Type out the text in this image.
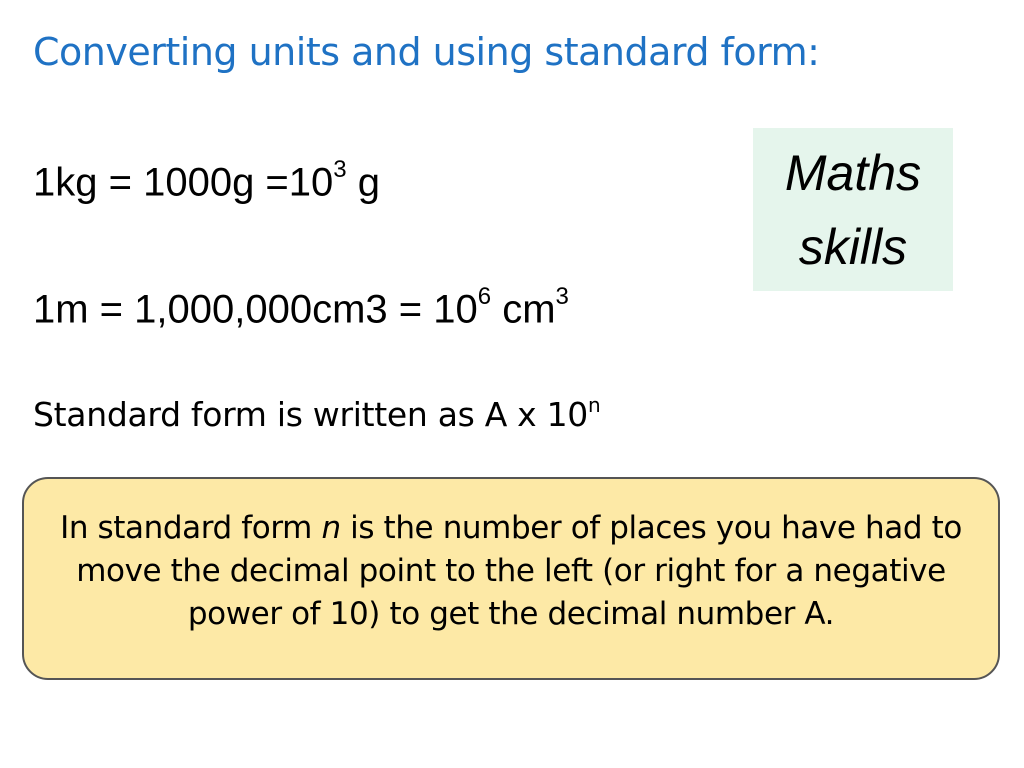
Converting units and using standard form:
$1kg = 1000g =10^3$ g
$1m = 1,000,000cm3 = 10^6$ $cm^3$
Standard form is written as A x 10$^n$
Maths
skills
In standard form n is the number of places you have had to move the decimal point to the left (or right for a negative power of 10) to get the decimal number A.
